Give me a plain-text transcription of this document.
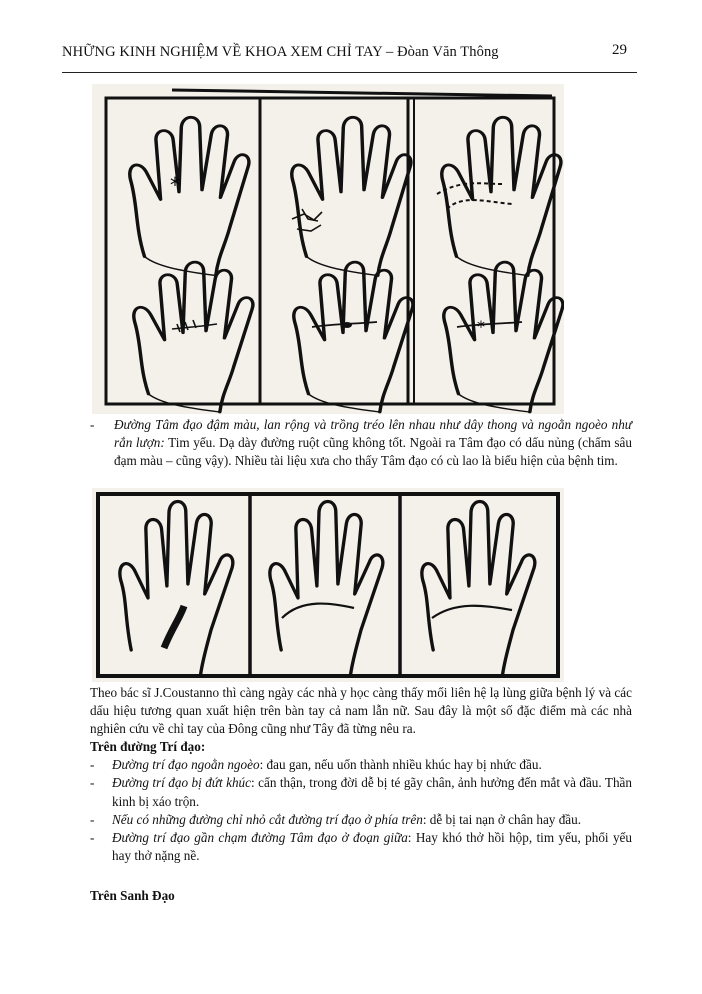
NHỮNG KINH NGHIỆM VỀ KHOA XEM CHỈ TAY – Đòan Văn Thông	29
*
*
- Đường Tâm đạo đậm màu, lan rộng và trồng tréo lên nhau như dây thong và ngoằn ngoèo như rắn lượn: Tim yếu. Dạ dày đường ruột cũng không tốt. Ngoài ra Tâm đạo có dấu nủng (chấm sâu đạm màu – cũng vậy). Nhiều tài liệu xưa cho thấy Tâm đạo có cù lao là biểu hiện của bệnh tim.
Theo bác sĩ J.Coustanno thì càng ngày các nhà y học càng thấy mối liên hệ lạ lùng giữa bệnh lý và các dấu hiệu tương quan xuất hiện trên bàn tay cả nam lẫn nữ. Sau đây là một số đặc điểm mà các nhà nghiên cứu về chỉ tay của Đông cũng như Tây đã từng nêu ra.
Trên đường Trí đạo:
- Đường trí đạo ngoằn ngoèo: đau gan, nếu uốn thành nhiều khúc hay bị nhức đầu.
- Đường trí đạo bị đứt khúc: cẩn thận, trong đời dễ bị té gãy chân, ảnh hưởng đến mắt và đầu. Thần kinh bị xáo trộn.
- Nếu có những đường chỉ nhỏ cắt đường trí đạo ở phía trên: dễ bị tai nạn ở chân hay đầu.
- Đường trí đạo gần chạm đường Tâm đạo ở đoạn giữa: Hay khó thở hồi hộp, tim yếu, phổi yếu hay thở nặng nề.
Trên Sanh Đạo
